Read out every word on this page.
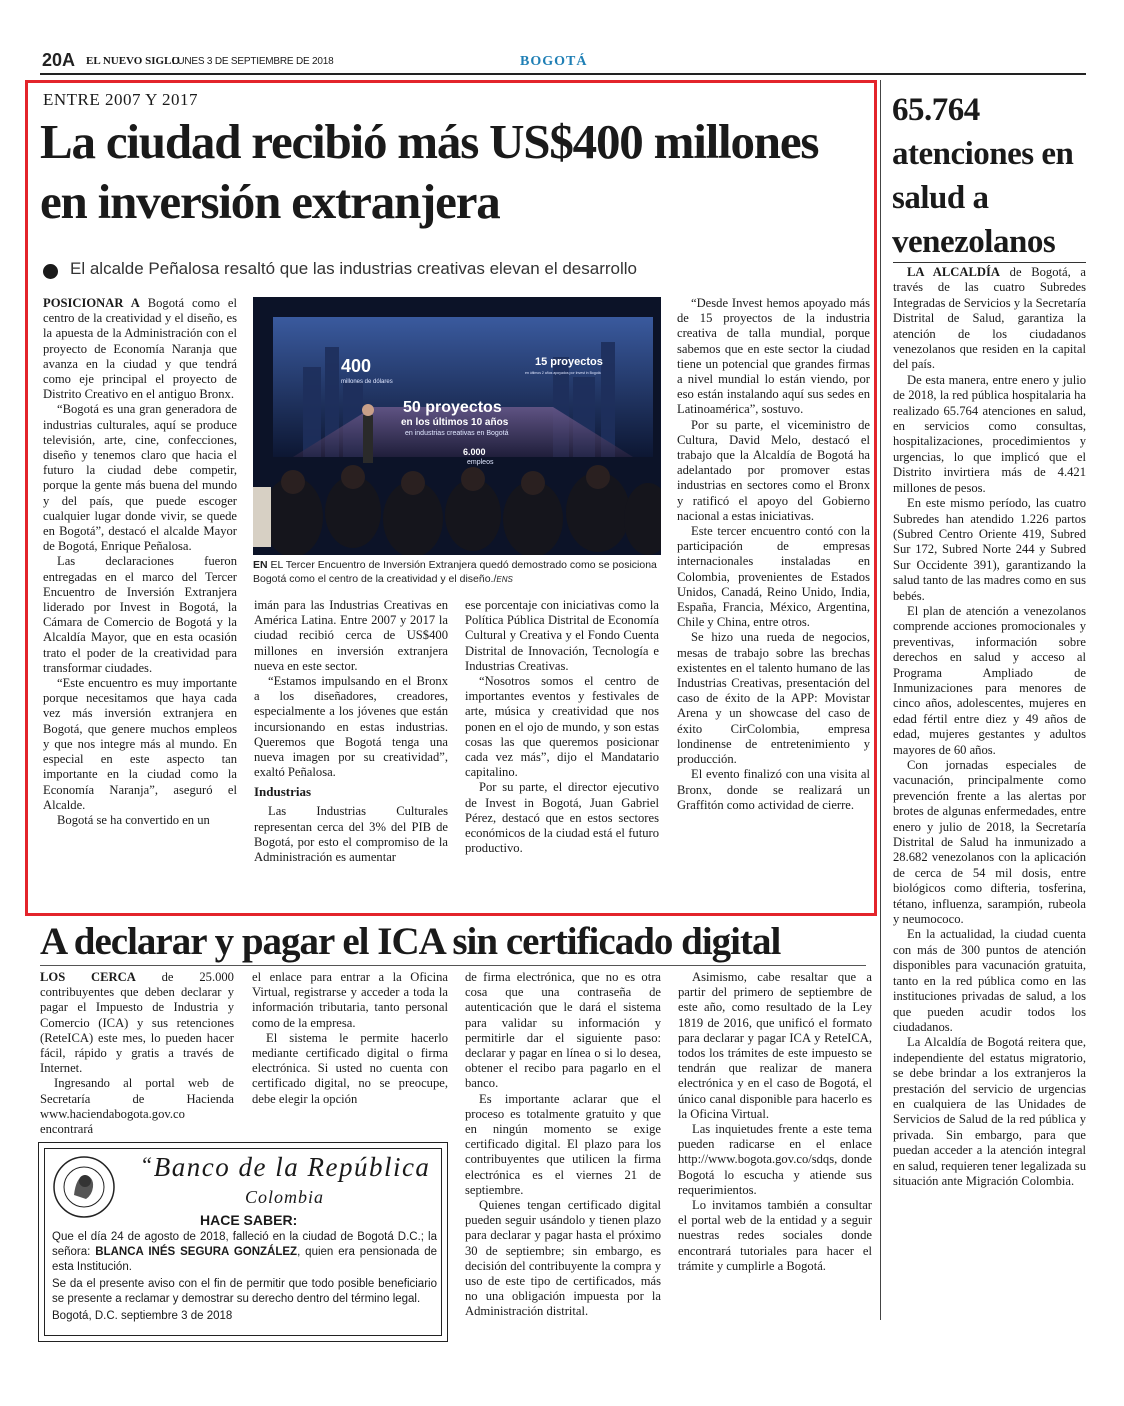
20A EL NUEVO SIGLO
LUNES 3 DE SEPTIEMBRE DE 2018	BOGOTÁ
ENTRE 2007 Y 2017
La ciudad recibió más US$400 millones en inversión extranjera
El alcalde Peñalosa resaltó que las industrias creativas elevan el desarrollo

POSICIONAR A Bogotá como el centro de la creatividad y el diseño, es la apuesta de la Administración con el proyecto de Economía Naranja que avanza en la ciudad y que tendrá como eje principal el proyecto de Distrito Creativo en el antiguo Bronx.

“Bogotá es una gran generadora de industrias culturales, aquí se produce televisión, arte, cine, confecciones, diseño y tenemos claro que hacia el futuro la ciudad debe competir, porque la gente más buena del mundo y del país, que puede escoger cualquier lugar donde vivir, se quede en Bogotá”, destacó el alcalde Mayor de Bogotá, Enrique Peñalosa.

Las declaraciones fueron entregadas en el marco del Tercer Encuentro de Inversión Extranjera liderado por Invest in Bogotá, la Cámara de Comercio de Bogotá y la Alcaldía Mayor, que en esta ocasión trato el poder de la creatividad para transformar ciudades.

“Este encuentro es muy importante porque necesitamos que haya cada vez más inversión extranjera en Bogotá, que genere muchos empleos y que nos integre más al mundo. En especial en este aspecto tan importante en la ciudad como la Economía Naranja”, aseguró el Alcalde.

Bogotá se ha convertido en un

400
millones de dólares
50 proyectos
en los últimos 10 años
en industrias creativas en Bogotá
15 proyectos
en últimos 2 años apoyados por Invest in Bogotá
6.000
empleos
EN EL Tercer Encuentro de Inversión Extranjera quedó demostrado como se posiciona Bogotá como el centro de la creatividad y el diseño./ENS

imán para las Industrias Creativas en América Latina. Entre 2007 y 2017 la ciudad recibió cerca de US$400 millones en inversión extranjera nueva en este sector.

“Estamos impulsando en el Bronx a los diseñadores, creadores, especialmente a los jóvenes que están incursionando en estas industrias. Queremos que Bogotá tenga una nueva imagen por su creatividad”, exaltó Peñalosa.

Industrias

Las Industrias Culturales representan cerca del 3% del PIB de Bogotá, por esto el compromiso de la Administración es aumentar

ese porcentaje con iniciativas como la Política Pública Distrital de Economía Cultural y Creativa y el Fondo Cuenta Distrital de Innovación, Tecnología e Industrias Creativas.

“Nosotros somos el centro de importantes eventos y festivales de arte, música y creatividad que nos ponen en el ojo de mundo, y son estas cosas las que queremos posicionar cada vez más”, dijo el Mandatario capitalino.

Por su parte, el director ejecutivo de Invest in Bogotá, Juan Gabriel Pérez, destacó que en estos sectores económicos de la ciudad está el futuro productivo.

“Desde Invest hemos apoyado más de 15 proyectos de la industria creativa de talla mundial, porque sabemos que en este sector la ciudad tiene un potencial que grandes firmas a nivel mundial lo están viendo, por eso están instalando aquí sus sedes en Latinoamérica”, sostuvo.

Por su parte, el viceministro de Cultura, David Melo, destacó el trabajo que la Alcaldía de Bogotá ha adelantado por promover estas industrias en sectores como el Bronx y ratificó el apoyo del Gobierno nacional a estas iniciativas.

Este tercer encuentro contó con la participación de empresas internacionales instaladas en Colombia, provenientes de Estados Unidos, Canadá, Reino Unido, India, España, Francia, México, Argentina, Chile y China, entre otros.

Se hizo una rueda de negocios, mesas de trabajo sobre las brechas existentes en el talento humano de las Industrias Creativas, presentación del caso de éxito de la APP: Movistar Arena y un showcase del caso de éxito CirColombia, empresa londinense de entretenimiento y producción.

El evento finalizó con una visita al Bronx, donde se realizará un Graffitón como actividad de cierre.

A declarar y pagar el ICA sin certificado digital

LOS CERCA de 25.000 contribuyentes que deben declarar y pagar el Impuesto de Industria y Comercio (ICA) y sus retenciones (ReteICA) este mes, lo pueden hacer fácil, rápido y gratis a través de Internet.

Ingresando al portal web de Secretaría de Hacienda www.haciendabogota.gov.co encontrará

el enlace para entrar a la Oficina Virtual, registrarse y acceder a toda la información tributaria, tanto personal como de la empresa.

El sistema le permite hacerlo mediante certificado digital o firma electrónica. Si usted no cuenta con certificado digital, no se preocupe, debe elegir la opción

de firma electrónica, que no es otra cosa que una contraseña de autenticación que le dará el sistema para validar su información y permitirle dar el siguiente paso: declarar y pagar en línea o si lo desea, obtener el recibo para pagarlo en el banco.

Es importante aclarar que el proceso es totalmente gratuito y que en ningún momento se exige certificado digital. El plazo para los contribuyentes que utilicen la firma electrónica es el viernes 21 de septiembre.

Quienes tengan certificado digital pueden seguir usándolo y tienen plazo para declarar y pagar hasta el próximo 30 de septiembre; sin embargo, es decisión del contribuyente la compra y uso de este tipo de certificados, más no una obligación impuesta por la Administración distrital.

Asimismo, cabe resaltar que a partir del primero de septiembre de este año, como resultado de la Ley 1819 de 2016, que unificó el formato para declarar y pagar ICA y ReteICA, todos los trámites de este impuesto se tendrán que realizar de manera electrónica y en el caso de Bogotá, el único canal disponible para hacerlo es la Oficina Virtual.

Las inquietudes frente a este tema pueden radicarse en el enlace http://www.bogota.gov.co/sdqs, donde Bogotá lo escucha y atiende sus requerimientos.

Lo invitamos también a consultar el portal web de la entidad y a seguir nuestras redes sociales donde encontrará tutoriales para hacer el trámite y cumplirle a Bogotá.

“Banco de la República
Colombia
HACE SABER:
Que el día 24 de agosto de 2018, falleció en la ciudad de Bogotá D.C.; la señora: BLANCA INÉS SEGURA GONZÁLEZ, quien era pensionada de esta Institución.
Se da el presente aviso con el fin de permitir que todo posible beneficiario se presente a reclamar y demostrar su derecho dentro del término legal.
Bogotá, D.C. septiembre 3 de 2018
65.764 atenciones en salud a venezolanos

LA ALCALDÍA de Bogotá, a través de las cuatro Subredes Integradas de Servicios y la Secretaría Distrital de Salud, garantiza la atención de los ciudadanos venezolanos que residen en la capital del país.

De esta manera, entre enero y julio de 2018, la red pública hospitalaria ha realizado 65.764 atenciones en salud, en servicios como consultas, hospitalizaciones, procedimientos y urgencias, lo que implicó que el Distrito invirtiera más de 4.421 millones de pesos.

En este mismo período, las cuatro Subredes han atendido 1.226 partos (Subred Centro Oriente 419, Subred Sur 172, Subred Norte 244 y Subred Sur Occidente 391), garantizando la salud tanto de las madres como en sus bebés.

El plan de atención a venezolanos comprende acciones promocionales y preventivas, información sobre derechos en salud y acceso al Programa Ampliado de Inmunizaciones para menores de cinco años, adolescentes, mujeres en edad fértil entre diez y 49 años de edad, mujeres gestantes y adultos mayores de 60 años.

Con jornadas especiales de vacunación, principalmente como prevención frente a las alertas por brotes de algunas enfermedades, entre enero y julio de 2018, la Secretaría Distrital de Salud ha inmunizado a 28.682 venezolanos con la aplicación de cerca de 54 mil dosis, entre biológicos como difteria, tosferina, tétano, influenza, sarampión, rubeola y neumococo.

En la actualidad, la ciudad cuenta con más de 300 puntos de atención disponibles para vacunación gratuita, tanto en la red pública como en las instituciones privadas de salud, a los que pueden acudir todos los ciudadanos.

La Alcaldía de Bogotá reitera que, independiente del estatus migratorio, se debe brindar a los extranjeros la prestación del servicio de urgencias en cualquiera de las Unidades de Servicios de Salud de la red pública y privada. Sin embargo, para que puedan acceder a la atención integral en salud, requieren tener legalizada su situación ante Migración Colombia.
